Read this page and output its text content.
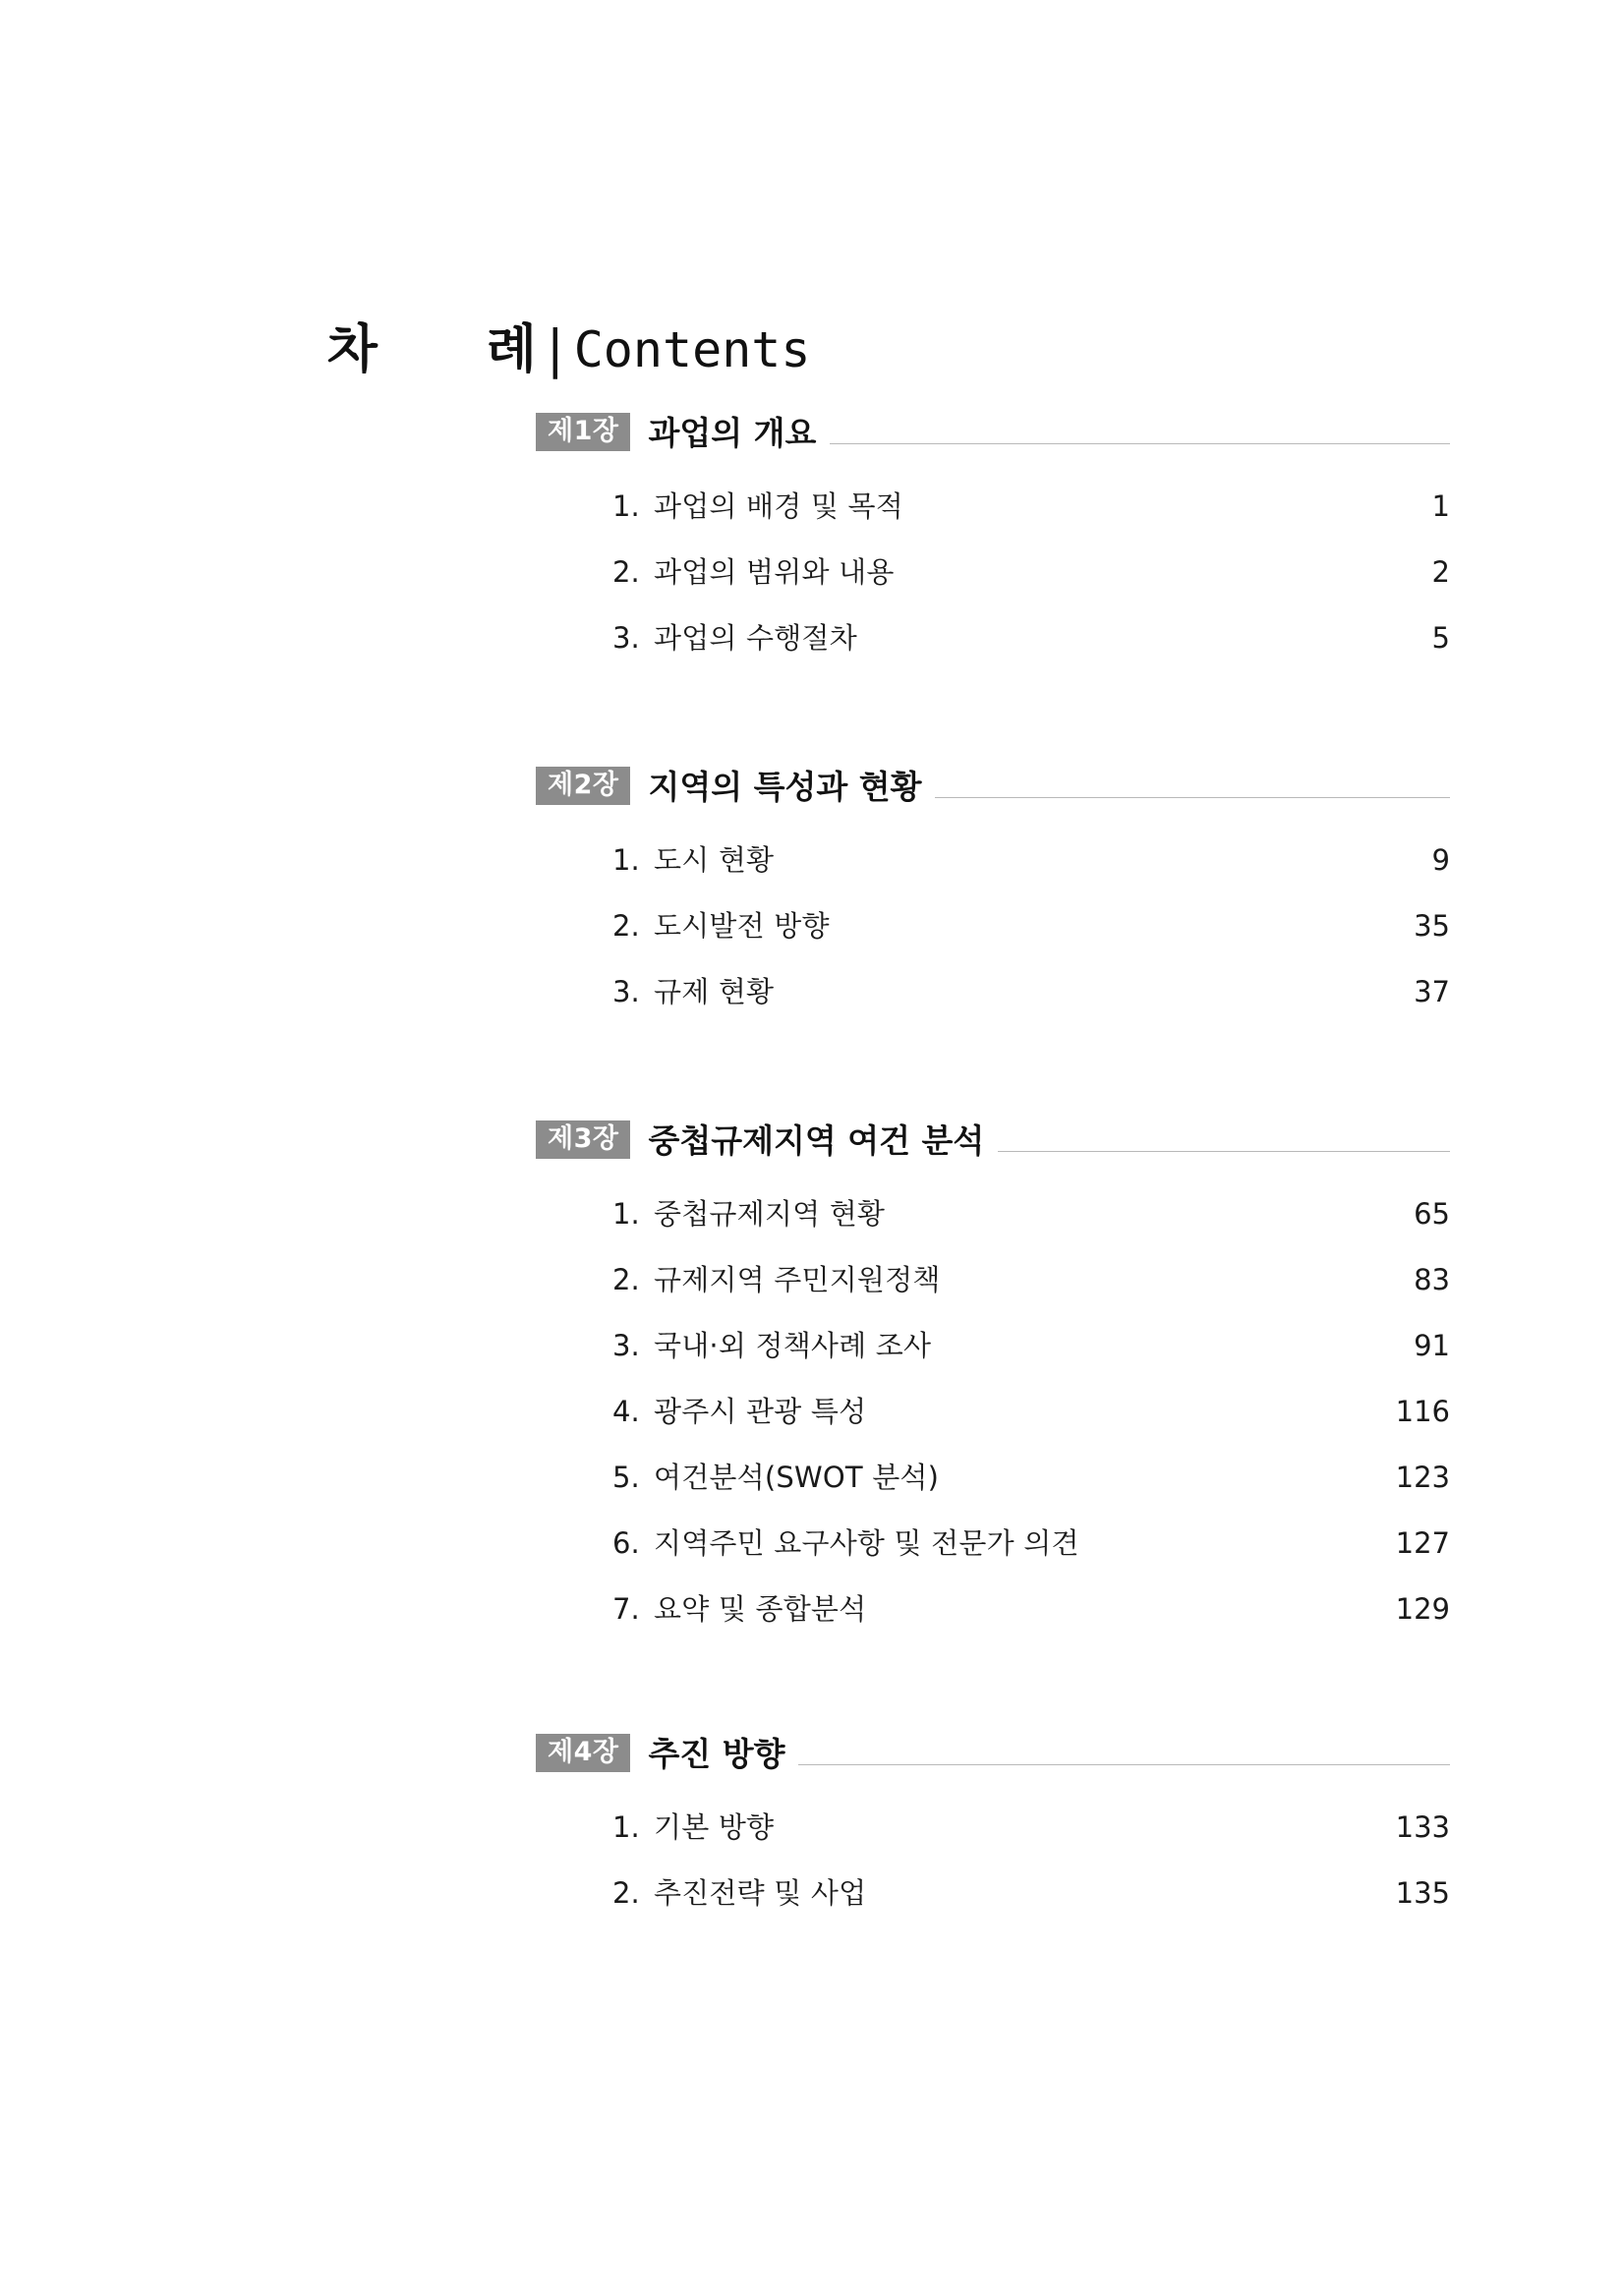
차      례 | Contents

제1장 과업의 개요
1. 과업의 배경 및 목적	1
2. 과업의 범위와 내용	2
3. 과업의 수행절차	5
제2장 지역의 특성과 현황
1. 도시 현황	9
2. 도시발전 방향	35
3. 규제 현황	37
제3장 중첩규제지역 여건 분석
1. 중첩규제지역 현황	65
2. 규제지역 주민지원정책	83
3. 국내·외 정책사례 조사	91
4. 광주시 관광 특성	116
5. 여건분석(SWOT 분석)	123
6. 지역주민 요구사항 및 전문가 의견	127
7. 요약 및 종합분석	129
제4장 추진 방향
1. 기본 방향	133
2. 추진전략 및 사업	135
